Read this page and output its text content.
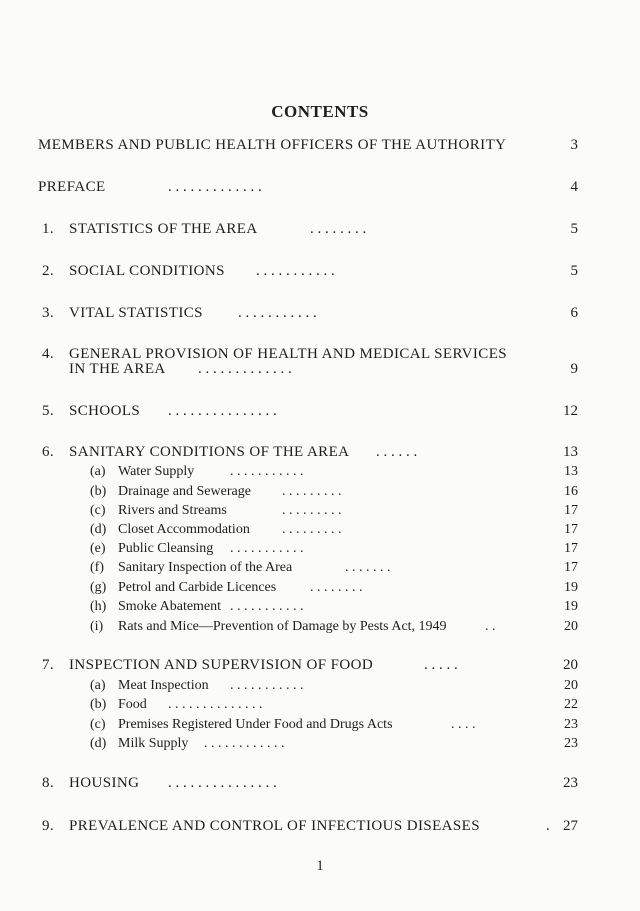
CONTENTS
MEMBERS AND PUBLIC HEALTH OFFICERS OF THE AUTHORITY	3
PREFACE	. . . . . . . . . . . . .	4
1. STATISTICS OF THE AREA	. . . . . . . .	5
2. SOCIAL CONDITIONS . . . . . . . . . . .	5
3. VITAL STATISTICS . . . . . . . . . . .	6
4. GENERAL PROVISION OF HEALTH AND MEDICAL SERVICES
IN THE AREA . . . . . . . . . . . . .	9
5. SCHOOLS . . . . . . . . . . . . . . .	12
6. SANITARY CONDITIONS OF THE AREA . . . . . .	13
(a) Water Supply	. . . . . . . . . . .	13
(b) Drainage and Sewerage . . . . . . . . .	16
(c) Rivers and Streams	. . . . . . . . .	17
(d) Closet Accommodation . . . . . . . . .	17
(e) Public Cleansing . . . . . . . . . . .	17
(f) Sanitary Inspection of the Area	. . . . . . .	17
(g) Petrol and Carbide Licences . . . . . . . .	19
(h) Smoke Abatement . . . . . . . . . . .	19
(i) Rats and Mice—Prevention of Damage by Pests Act, 1949	. .	20
7. INSPECTION AND SUPERVISION OF FOOD	. . . . .	20
(a) Meat Inspection . . . . . . . . . . .	20
(b) Food . . . . . . . . . . . . . .	22
(c) Premises Registered Under Food and Drugs Acts	. . . .	23
(d) Milk Supply . . . . . . . . . . . .	23
8. HOUSING . . . . . . . . . . . . . . .	23
9. PREVALENCE AND CONTROL OF INFECTIOUS DISEASES	. 27
1
